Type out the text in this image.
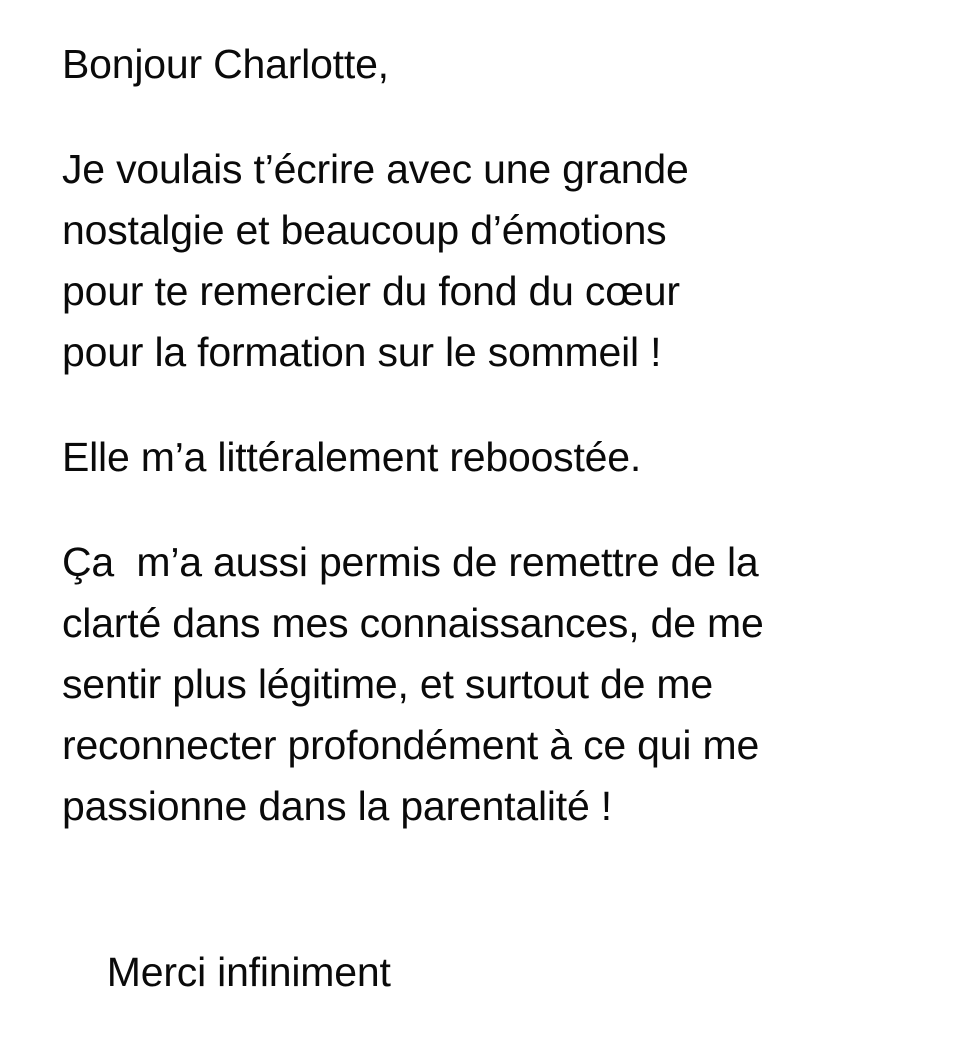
Bonjour Charlotte,
Je voulais t’écrire avec une grande
nostalgie et beaucoup d’émotions
pour te remercier du fond du cœur
pour la formation sur le sommeil !
Elle m’a littéralement reboostée.
Ça  m’a aussi permis de remettre de la
clarté dans mes connaissances, de me
sentir plus légitime, et surtout de me
reconnecter profondément à ce qui me
passionne dans la parentalité !

Merci infiniment
